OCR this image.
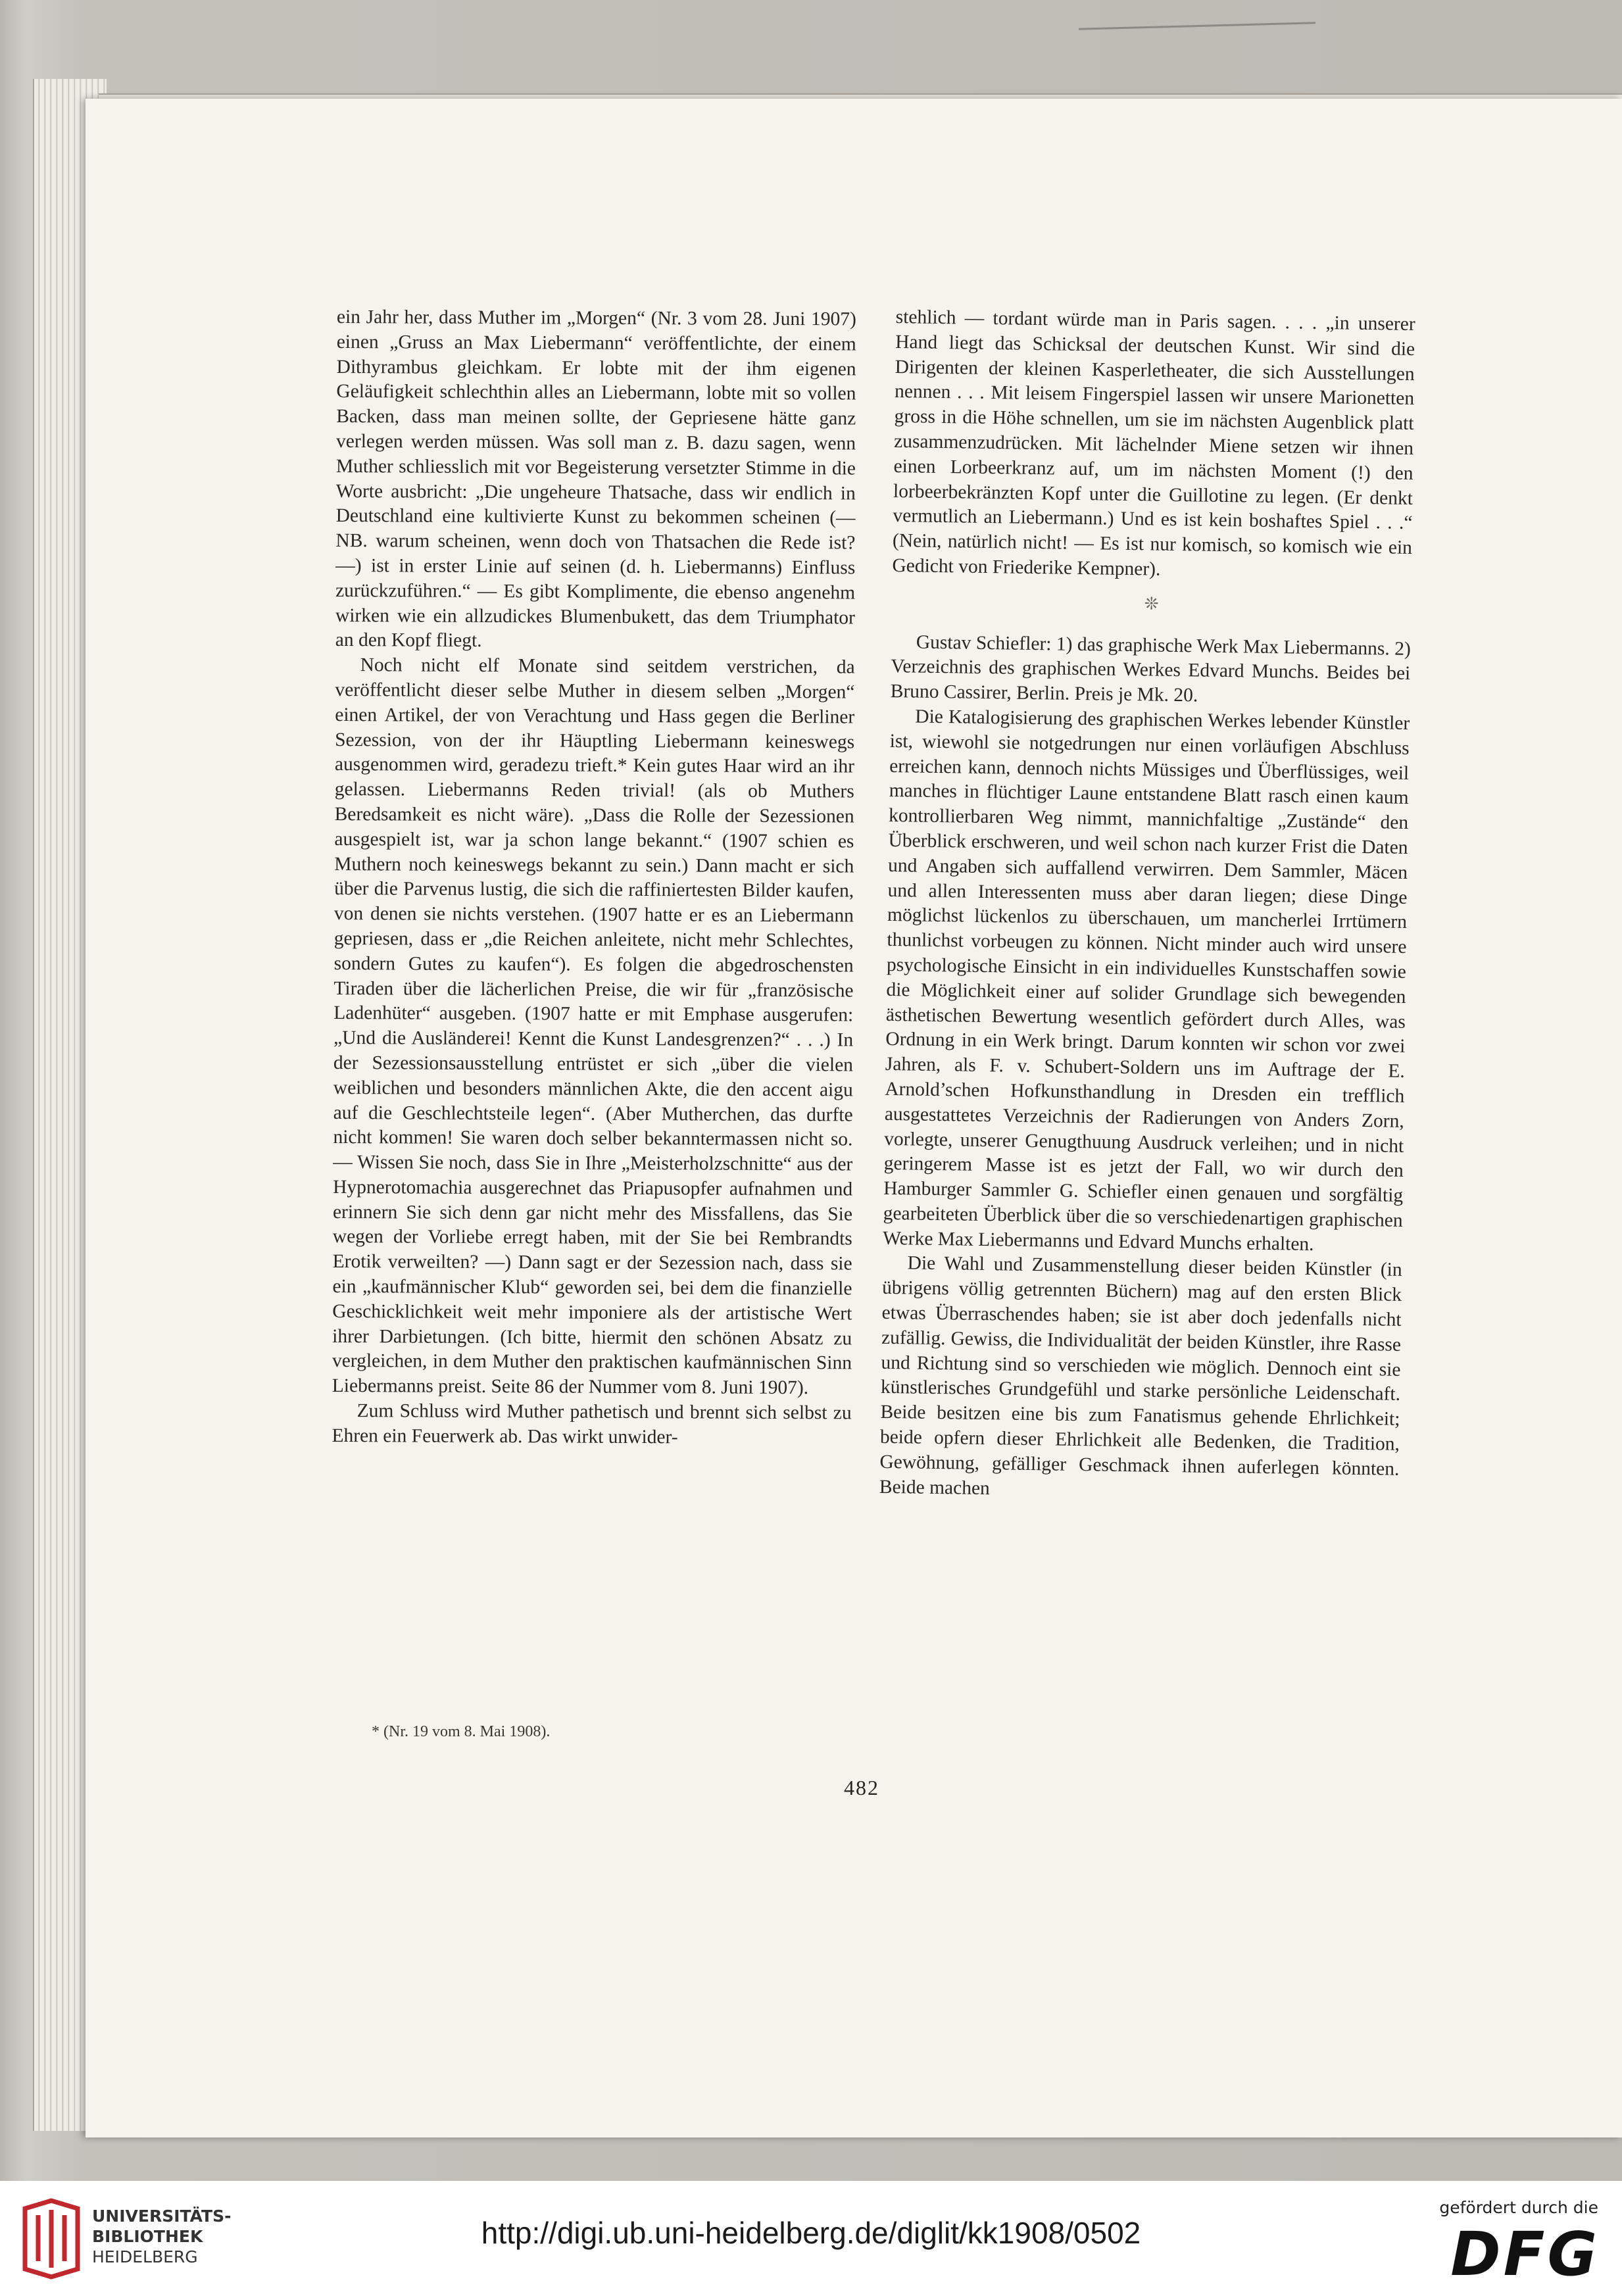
ein Jahr her, dass Muther im „Morgen“ (Nr. 3 vom 28. Juni 1907) einen „Gruss an Max Liebermann“ veröffentlichte, der einem Dithyrambus gleichkam. Er lobte mit der ihm eigenen Geläufigkeit schlechthin alles an Liebermann, lobte mit so vollen Backen, dass man meinen sollte, der Gepriesene hätte ganz verlegen werden müssen. Was soll man z. B. dazu sagen, wenn Muther schliesslich mit vor Begeisterung versetzter Stimme in die Worte ausbricht: „Die ungeheure Thatsache, dass wir endlich in Deutschland eine kultivierte Kunst zu bekommen scheinen (— NB. warum scheinen, wenn doch von Thatsachen die Rede ist? —) ist in erster Linie auf seinen (d. h. Liebermanns) Einfluss zurückzuführen.“ — Es gibt Komplimente, die ebenso angenehm wirken wie ein allzudickes Blumenbukett, das dem Triumphator an den Kopf fliegt.

Noch nicht elf Monate sind seitdem verstrichen, da veröffentlicht dieser selbe Muther in diesem selben „Morgen“ einen Artikel, der von Verachtung und Hass gegen die Berliner Sezession, von der ihr Häuptling Liebermann keineswegs ausgenommen wird, geradezu trieft.* Kein gutes Haar wird an ihr gelassen. Liebermanns Reden trivial! (als ob Muthers Beredsamkeit es nicht wäre). „Dass die Rolle der Sezessionen ausgespielt ist, war ja schon lange bekannt.“ (1907 schien es Muthern noch keineswegs bekannt zu sein.) Dann macht er sich über die Parvenus lustig, die sich die raffiniertesten Bilder kaufen, von denen sie nichts verstehen. (1907 hatte er es an Liebermann gepriesen, dass er „die Reichen anleitete, nicht mehr Schlechtes, sondern Gutes zu kaufen“). Es folgen die abgedroschensten Tiraden über die lächerlichen Preise, die wir für „französische Ladenhüter“ ausgeben. (1907 hatte er mit Emphase ausgerufen: „Und die Ausländerei! Kennt die Kunst Landesgrenzen?“ . . .) In der Sezessionsausstellung entrüstet er sich „über die vielen weiblichen und besonders männlichen Akte, die den accent aigu auf die Geschlechtsteile legen“. (Aber Mutherchen, das durfte nicht kommen! Sie waren doch selber bekanntermassen nicht so. — Wissen Sie noch, dass Sie in Ihre „Meisterholzschnitte“ aus der Hypnerotomachia ausgerechnet das Priapusopfer aufnahmen und erinnern Sie sich denn gar nicht mehr des Missfallens, das Sie wegen der Vorliebe erregt haben, mit der Sie bei Rembrandts Erotik verweilten? —) Dann sagt er der Sezession nach, dass sie ein „kaufmännischer Klub“ geworden sei, bei dem die finanzielle Geschicklichkeit weit mehr imponiere als der artistische Wert ihrer Darbietungen. (Ich bitte, hiermit den schönen Absatz zu vergleichen, in dem Muther den praktischen kaufmännischen Sinn Liebermanns preist. Seite 86 der Nummer vom 8. Juni 1907).

Zum Schluss wird Muther pathetisch und brennt sich selbst zu Ehren ein Feuerwerk ab. Das wirkt unwider-

stehlich — tordant würde man in Paris sagen. . . . „in unserer Hand liegt das Schicksal der deutschen Kunst. Wir sind die Dirigenten der kleinen Kasperletheater, die sich Ausstellungen nennen . . . Mit leisem Fingerspiel lassen wir unsere Marionetten gross in die Höhe schnellen, um sie im nächsten Augenblick platt zusammenzudrücken. Mit lächelnder Miene setzen wir ihnen einen Lorbeerkranz auf, um im nächsten Moment (!) den lorbeerbekränzten Kopf unter die Guillotine zu legen. (Er denkt vermutlich an Liebermann.) Und es ist kein boshaftes Spiel . . .“ (Nein, natürlich nicht! — Es ist nur komisch, so komisch wie ein Gedicht von Friederike Kempner).

❊

Gustav Schiefler: 1) das graphische Werk Max Liebermanns. 2) Verzeichnis des graphischen Werkes Edvard Munchs. Beides bei Bruno Cassirer, Berlin. Preis je Mk. 20.

Die Katalogisierung des graphischen Werkes lebender Künstler ist, wiewohl sie notgedrungen nur einen vorläufigen Abschluss erreichen kann, dennoch nichts Müssiges und Überflüssiges, weil manches in flüchtiger Laune entstandene Blatt rasch einen kaum kontrollierbaren Weg nimmt, mannichfaltige „Zustände“ den Überblick erschweren, und weil schon nach kurzer Frist die Daten und Angaben sich auffallend verwirren. Dem Sammler, Mäcen und allen Interessenten muss aber daran liegen; diese Dinge möglichst lückenlos zu überschauen, um mancherlei Irrtümern thunlichst vorbeugen zu können. Nicht minder auch wird unsere psychologische Einsicht in ein individuelles Kunstschaffen sowie die Möglichkeit einer auf solider Grundlage sich bewegenden ästhetischen Bewertung wesentlich gefördert durch Alles, was Ordnung in ein Werk bringt. Darum konnten wir schon vor zwei Jahren, als F. v. Schubert-Soldern uns im Auftrage der E. Arnold’schen Hofkunsthandlung in Dresden ein trefflich ausgestattetes Verzeichnis der Radierungen von Anders Zorn, vorlegte, unserer Genugthuung Ausdruck verleihen; und in nicht geringerem Masse ist es jetzt der Fall, wo wir durch den Hamburger Sammler G. Schiefler einen genauen und sorgfältig gearbeiteten Überblick über die so verschiedenartigen graphischen Werke Max Liebermanns und Edvard Munchs erhalten.

Die Wahl und Zusammenstellung dieser beiden Künstler (in übrigens völlig getrennten Büchern) mag auf den ersten Blick etwas Überraschendes haben; sie ist aber doch jedenfalls nicht zufällig. Gewiss, die Individualität der beiden Künstler, ihre Rasse und Richtung sind so verschieden wie möglich. Dennoch eint sie künstlerisches Grundgefühl und starke persönliche Leidenschaft. Beide besitzen eine bis zum Fanatismus gehende Ehrlichkeit; beide opfern dieser Ehrlichkeit alle Bedenken, die Tradition, Gewöhnung, gefälliger Geschmack ihnen auferlegen könnten. Beide machen

* (Nr. 19 vom 8. Mai 1908).
482
UNIVERSITÄTS-
BIBLIOTHEK
HEIDELBERG
http://digi.ub.uni-heidelberg.de/diglit/kk1908/0502
gefördert durch die
DFG
